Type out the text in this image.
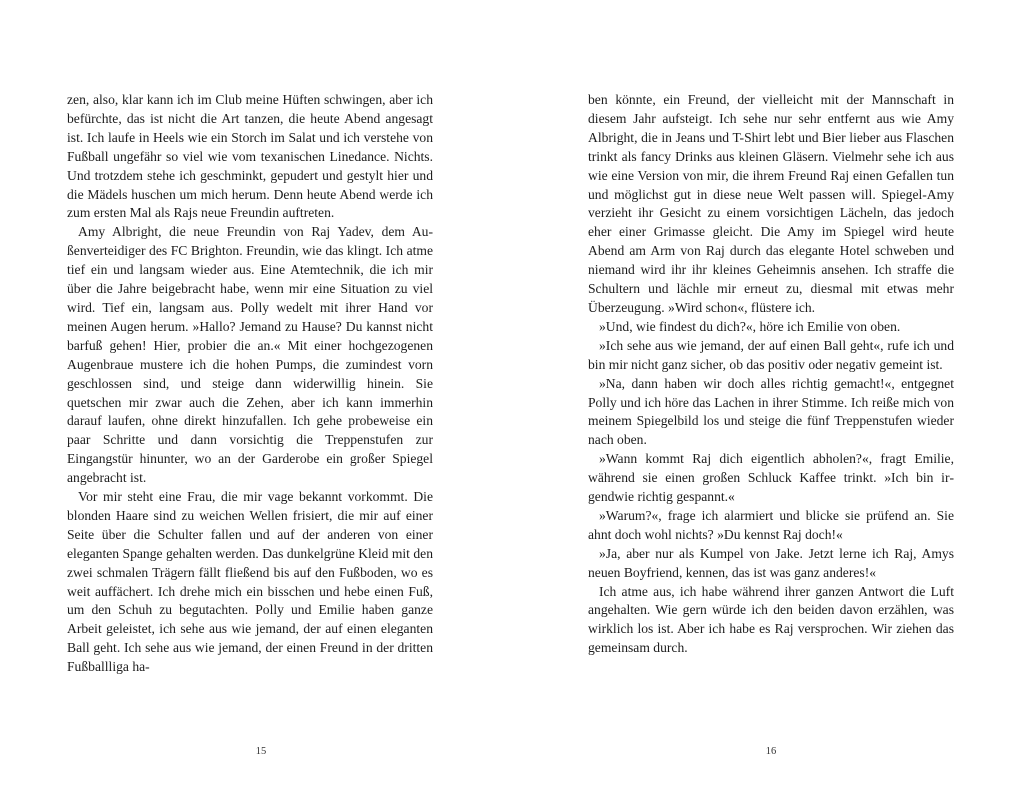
zen, also, klar kann ich im Club meine Hüften schwingen, aber ich befürchte, das ist nicht die Art tanzen, die heute Abend angesagt ist. Ich laufe in Heels wie ein Storch im Salat und ich verstehe von Fußball ungefähr so viel wie vom texanischen Linedance. Nichts. Und trotzdem stehe ich geschminkt, gepudert und gestylt hier und die Mädels huschen um mich herum. Denn heute Abend werde ich zum ersten Mal als Rajs neue Freundin auftreten.

Amy Albright, die neue Freundin von Raj Yadev, dem Außenverteidiger des FC Brighton. Freundin, wie das klingt. Ich atme tief ein und langsam wieder aus. Eine Atemtechnik, die ich mir über die Jahre beigebracht habe, wenn mir eine Situation zu viel wird. Tief ein, langsam aus. Polly wedelt mit ihrer Hand vor meinen Augen herum. »Hallo? Jemand zu Hause? Du kannst nicht barfuß gehen! Hier, probier die an.« Mit einer hochgezogenen Augenbraue mustere ich die hohen Pumps, die zumindest vorn geschlossen sind, und steige dann widerwillig hinein. Sie quetschen mir zwar auch die Zehen, aber ich kann immerhin darauf laufen, ohne direkt hinzufallen. Ich gehe probeweise ein paar Schritte und dann vorsichtig die Treppenstufen zur Eingangstür hinunter, wo an der Garderobe ein großer Spiegel angebracht ist.

Vor mir steht eine Frau, die mir vage bekannt vorkommt. Die blonden Haare sind zu weichen Wellen frisiert, die mir auf einer Seite über die Schulter fallen und auf der anderen von einer eleganten Spange gehalten werden. Das dunkelgrüne Kleid mit den zwei schmalen Trägern fällt fließend bis auf den Fußboden, wo es weit auffächert. Ich drehe mich ein bisschen und hebe einen Fuß, um den Schuh zu begutachten. Polly und Emilie haben ganze Arbeit geleistet, ich sehe aus wie jemand, der auf einen eleganten Ball geht. Ich sehe aus wie jemand, der einen Freund in der dritten Fußballliga ha-

15

ben könnte, ein Freund, der vielleicht mit der Mannschaft in diesem Jahr aufsteigt. Ich sehe nur sehr entfernt aus wie Amy Albright, die in Jeans und T-Shirt lebt und Bier lieber aus Flaschen trinkt als fancy Drinks aus kleinen Gläsern. Vielmehr sehe ich aus wie eine Version von mir, die ihrem Freund Raj einen Gefallen tun und möglichst gut in diese neue Welt passen will. Spiegel-Amy verzieht ihr Gesicht zu einem vorsichtigen Lächeln, das jedoch eher einer Grimasse gleicht. Die Amy im Spiegel wird heute Abend am Arm von Raj durch das elegante Hotel schweben und niemand wird ihr ihr kleines Geheimnis ansehen. Ich straffe die Schultern und lächle mir erneut zu, diesmal mit etwas mehr Überzeugung. »Wird schon«, flüstere ich.

»Und, wie findest du dich?«, höre ich Emilie von oben.

»Ich sehe aus wie jemand, der auf einen Ball geht«, rufe ich und bin mir nicht ganz sicher, ob das positiv oder negativ gemeint ist.

»Na, dann haben wir doch alles richtig gemacht!«, entgegnet Polly und ich höre das Lachen in ihrer Stimme. Ich reiße mich von meinem Spiegelbild los und steige die fünf Treppenstufen wieder nach oben.

»Wann kommt Raj dich eigentlich abholen?«, fragt Emilie, während sie einen großen Schluck Kaffee trinkt. »Ich bin irgendwie richtig gespannt.«

»Warum?«, frage ich alarmiert und blicke sie prüfend an. Sie ahnt doch wohl nichts? »Du kennst Raj doch!«

»Ja, aber nur als Kumpel von Jake. Jetzt lerne ich Raj, Amys neuen Boyfriend, kennen, das ist was ganz anderes!«

Ich atme aus, ich habe während ihrer ganzen Antwort die Luft angehalten. Wie gern würde ich den beiden davon erzählen, was wirklich los ist. Aber ich habe es Raj versprochen. Wir ziehen das gemeinsam durch.

16
